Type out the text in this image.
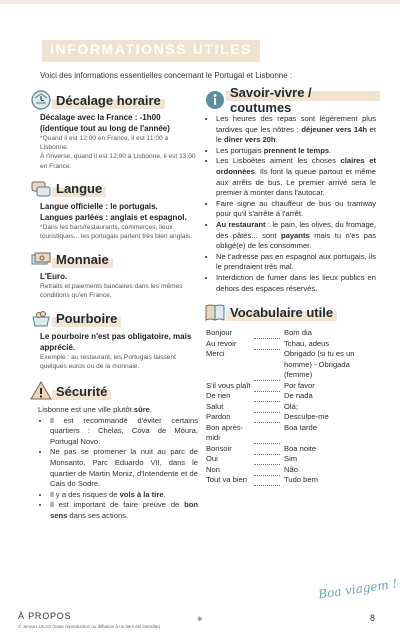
INFORMATIONSS UTILES
Voici des informations essentielles concernant le Portugal et Lisbonne :
Décalage horaire
Décalage avec la France : -1h00
(identique tout au long de l'année)
*Quand il est 12:00 en France, il est 11:00 à Lisbonne.
À l'inverse, quand il est 12:00 à Lisbonne, il est 13:00 en France.
Langue
Langue officielle : le portugais.
Langues parlées : anglais et espagnol.
*Dans les bars/restaurants, commerces, lieux touristiques... les portugais parlent très bien anglais.
Monnaie
L'Euro.
Retraits et paiements bancaires dans les mêmes conditions qu'en France.
Pourboire
Le pourboire n'est pas obligatoire, mais apprécié.
Exemple : au restaurant, les Portugais laissent quelques euros ou de la monnaie.
Sécurité
Lisbonne est une ville plutôt sûre.
• Il est recommandé d'éviter certains quartiers : Chelas, Cova de Moura, Portugal Novo.
• Ne pas se promener la nuit au parc de Monsanto, Parc Eduardo VII, dans le quartier de Martin Moniz, d'Intendente et de Cais do Sodre.
• Il y a des risques de vols à la tire.
• Il est important de faire preuve de bon sens dans ses actions.
Savoir-vivre / coutumes
• Les heures des repas sont légèrement plus tardives que les nôtres : déjeuner vers 14h et le dîner vers 20h.
• Les portugais prennent le temps.
• Les Lisboètes aiment les choses claires et ordonnées. Ils font la queue partout et même aux arrêts de bus. Le premier arrivé sera le premier à monter dans l'autocar.
• Faire signe au chauffeur de bus ou tramway pour qu'il s'arrête à l'arrêt.
• Au restaurant : le pain, les olives, du fromage, des pâtés... sont payants mais tu n'es pas obligé(e) de les consommer.
• Ne t'adresse pas en espagnol aux portugais, ils le prendraient très mal.
• Interdiction de fumer dans les lieux publics en dehors des espaces réservés.
Vocabulaire utile
Bonjour		Bom dia
Au revoir		Tchau, adeus
Merci		Obrigado (si tu es un homme) - Obrigada (femme)
S'il vous plaît		Por favor
De rien		De nada
Salut		Olá;
Pardon		Desculpe-me
Bon après-midi		Boa tarde
Bonsoir		Boa noite
Oui		Sim
Non		Não
Tout va bien		Tudo bem
Boa viagem !
À PROPOS
© Jenna LUCAS (toute reproduction ou diffusion à un tiers est interdite)
✶	8
